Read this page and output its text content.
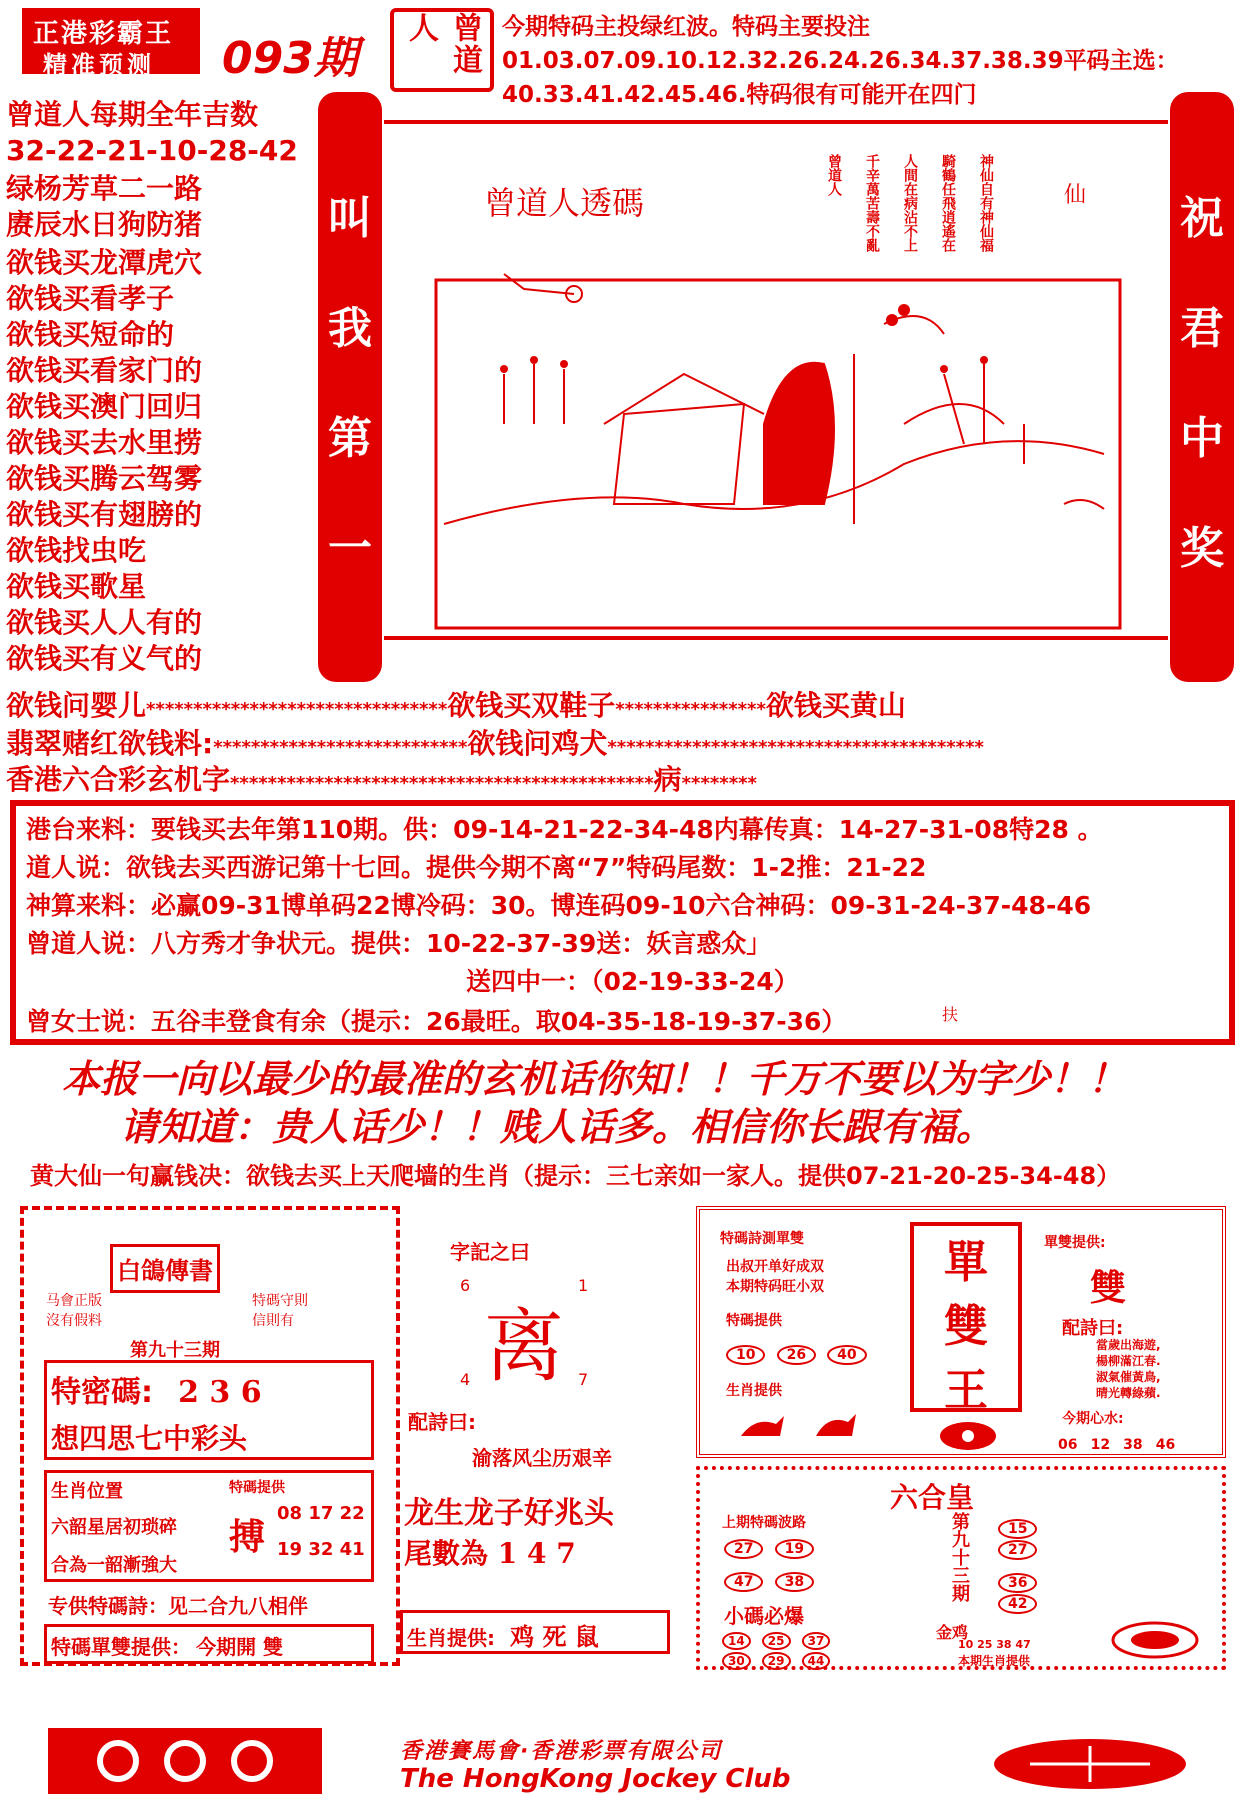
正港彩霸王
精准预测 093期	曾道人	今期特码主投绿红波。特码主要投注01.03.07.09.10.12.32.26.24.26.34.37.38.39平码主选：40.33.41.42.45.46.特码很有可能开在四门
曾道人每期全年吉数
32-22-21-10-28-42
绿杨芳草二一路
赓辰水日狗防猪
欲钱买龙潭虎穴
欲钱买看孝子
欲钱买短命的
欲钱买看家门的
欲钱买澳门回归
欲钱买去水里捞
欲钱买腾云驾雾
欲钱买有翅膀的
欲钱找虫吃
欲钱买歌星
欲钱买人人有的
欲钱买有义气的
叫
我
第
一
祝
君
中
奖
曾道人透碼	神仙自有神仙福
騎鶴任飛逍遙在
人間在病沾不上
千辛萬苦壽不亂
曾道人	仙
欲钱问婴儿********************************欲钱买双鞋子****************欲钱买黄山
翡翠赌红欲钱料:***************************欲钱问鸡犬****************************************
香港六合彩玄机字*********************************************病********
港台来料：要钱买去年第110期。供：09-14-21-22-34-48内幕传真：14-27-31-08特28 。
道人说：欲钱去买西游记第十七回。提供今期不离“7”特码尾数：1-2推：21-22
神算来料：必赢09-31博单码22博冷码：30。博连码09-10六合神码：09-31-24-37-48-46
曾道人说：八方秀才争状元。提供：10-22-37-39送：妖言惑众」
送四中一：（02-19-33-24）
曾女士说：五谷丰登食有余（提示：26最旺。取04-35-18-19-37-36）	扶
本报一向以最少的最准的玄机话你知！！千万不要以为字少！！
请知道：贵人话少！！贱人话多。相信你长跟有福。
黄大仙一句赢钱决：欲钱去买上天爬墙的生肖（提示：三七亲如一家人。提供07-21-20-25-34-48）
白鴿傳書
马會正版
沒有假料
特碼守則
信則有
第九十三期
特密碼: 2 3 6
想四思七中彩头
生肖位置
六韶星居初琐碎
合為一韶漸強大
特碼提供
搏
08 17 22
19 32 41
专供特碼詩：见二合九八相伴
特碼單雙提供： 今期開 雙
字記之曰
6	1
离
4	7
配詩曰:
渝落风尘历艰辛
龙生龙子好兆头
尾數為 1 4 7
生肖提供: 鸡 死 鼠
特碼詩測單雙
出叔开单好成双
本期特码旺小双
特碼提供
10 26 40
生肖提供
單
雙
王
單雙提供:
雙
配詩曰:
當歲出海遊,
楊柳滿江春.
淑氣催黃鳥,
晴光轉綠蘋.
今期心水:
06 12 38 46
六合皇
上期特碼波路
27 19
47 38	第九十三期
金鸡
15 27
36 42
小碼必爆
14 25 37
30 29 44
10 25 38 47
本期生肖提供
香港賽馬會·香港彩票有限公司
The HongKong Jockey Club
